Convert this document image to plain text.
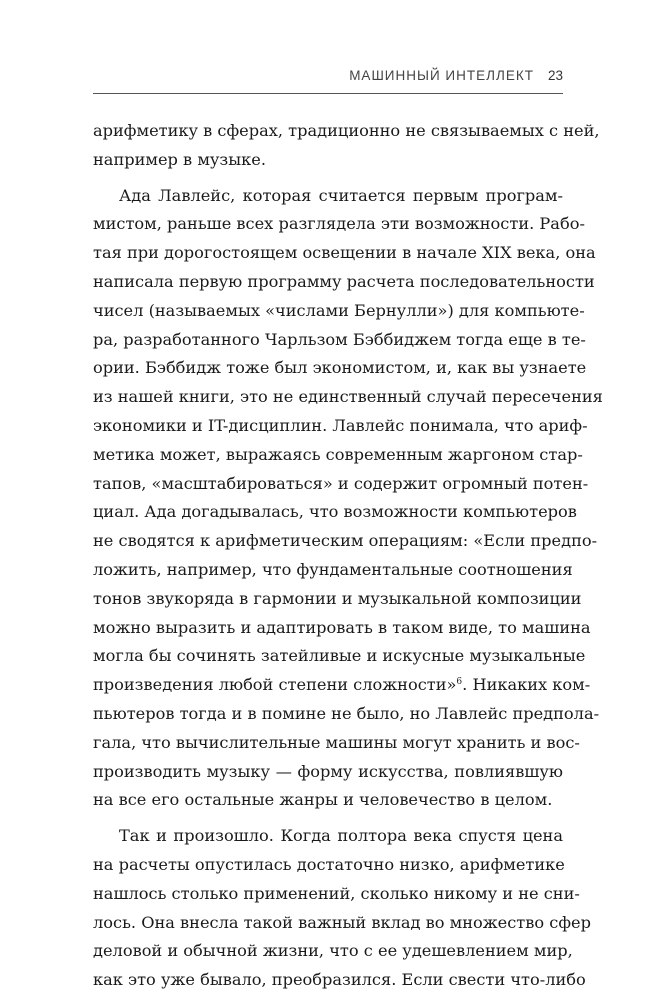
МАШИННЫЙ ИНТЕЛЛЕКТ 23
арифметику в сферах, традиционно не связываемых с ней,
например в музыке.
Ада Лавлейс, которая считается первым програм-
мистом, раньше всех разглядела эти возможности. Рабо-
тая при дорогостоящем освещении в начале XIX века, она
написала первую программу расчета последовательности
чисел (называемых «числами Бернулли») для компьюте-
ра, разработанного Чарльзом Бэббиджем тогда еще в те-
ории. Бэббидж тоже был экономистом, и, как вы узнаете
из нашей книги, это не единственный случай пересечения
экономики и IT-дисциплин. Лавлейс понимала, что ариф-
метика может, выражаясь современным жаргоном стар-
тапов, «масштабироваться» и содержит огромный потен-
циал. Ада догадывалась, что возможности компьютеров
не сводятся к арифметическим операциям: «Если предпо-
ложить, например, что фундаментальные соотношения
тонов звукоряда в гармонии и музыкальной композиции
можно выразить и адаптировать в таком виде, то машина
могла бы сочинять затейливые и искусные музыкальные
произведения любой степени сложности»$^6$. Никаких ком-
пьютеров тогда и в помине не было, но Лавлейс предпола-
гала, что вычислительные машины могут хранить и вос-
производить музыку — форму искусства, повлиявшую
на все его остальные жанры и человечество в целом.
Так и произошло. Когда полтора века спустя цена
на расчеты опустилась достаточно низко, арифметике
нашлось столько применений, сколько никому и не сни-
лось. Она внесла такой важный вклад во множество сфер
деловой и обычной жизни, что с ее удешевлением мир,
как это уже бывало, преобразился. Если свести что-либо
